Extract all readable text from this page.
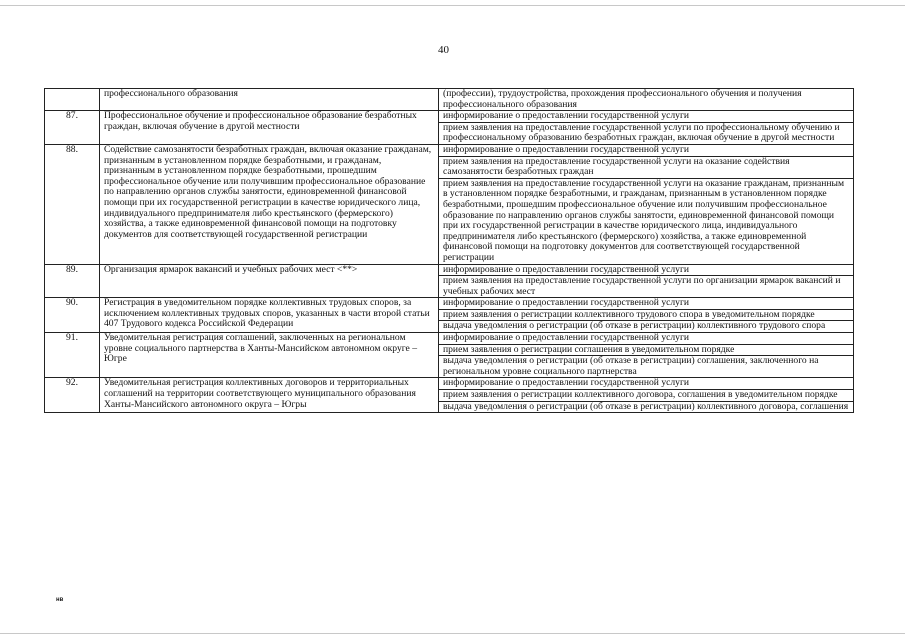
40
	профессионального образования	(профессии), трудоустройства, прохождения профессионального обучения и получения профессионального образования
87.	Профессиональное обучение и профессиональное образование безработных граждан, включая обучение в другой местности	информирование о предоставлении государственной услуги
		прием заявления на предоставление государственной услуги по профессиональному обучению и профессиональному образованию безработных граждан, включая обучение в другой местности
88.	Содействие самозанятости безработных граждан, включая оказание гражданам, признанным в установленном порядке безработными, и гражданам, признанным в установленном порядке безработными, прошедшим профессиональное обучение или получившим профессиональное образование по направлению органов службы занятости, единовременной финансовой помощи при их государственной регистрации в качестве юридического лица, индивидуального предпринимателя либо крестьянского (фермерского) хозяйства, а также единовременной финансовой помощи на подготовку документов для соответствующей государственной регистрации	информирование о предоставлении государственной услуги
		прием заявления на предоставление государственной услуги на оказание содействия самозанятости безработных граждан
		прием заявления на предоставление государственной услуги на оказание гражданам, признанным в установленном порядке безработными, и гражданам, признанным в установленном порядке безработными, прошедшим профессиональное обучение или получившим профессиональное образование по направлению органов службы занятости, единовременной финансовой помощи при их государственной регистрации в качестве юридического лица, индивидуального предпринимателя либо крестьянского (фермерского) хозяйства, а также единовременной финансовой помощи на подготовку документов для соответствующей государственной регистрации
89.	Организация ярмарок вакансий и учебных рабочих мест <**>	информирование о предоставлении государственной услуги
		прием заявления на предоставление государственной услуги по организации ярмарок вакансий и учебных рабочих мест
90.	Регистрация в уведомительном порядке коллективных трудовых споров, за исключением коллективных трудовых споров, указанных в части второй статьи 407 Трудового кодекса Российской Федерации	информирование о предоставлении государственной услуги
		прием заявления о регистрации коллективного трудового спора в уведомительном порядке
		выдача уведомления о регистрации (об отказе в регистрации) коллективного трудового спора
91.	Уведомительная регистрация соглашений, заключенных на региональном уровне социального партнерства в Ханты-Мансийском автономном округе – Югре	информирование о предоставлении государственной услуги
		прием заявления о регистрации соглашения в уведомительном порядке
		выдача уведомления о регистрации (об отказе в регистрации) соглашения, заключенного на региональном уровне социального партнерства
92.	Уведомительная регистрация коллективных договоров и территориальных соглашений на территории соответствующего муниципального образования Ханты-Мансийского автономного округа – Югры	информирование о предоставлении государственной услуги
		прием заявления о регистрации коллективного договора, соглашения в уведомительном порядке
		выдача уведомления о регистрации (об отказе в регистрации) коллективного договора, соглашения
нв
